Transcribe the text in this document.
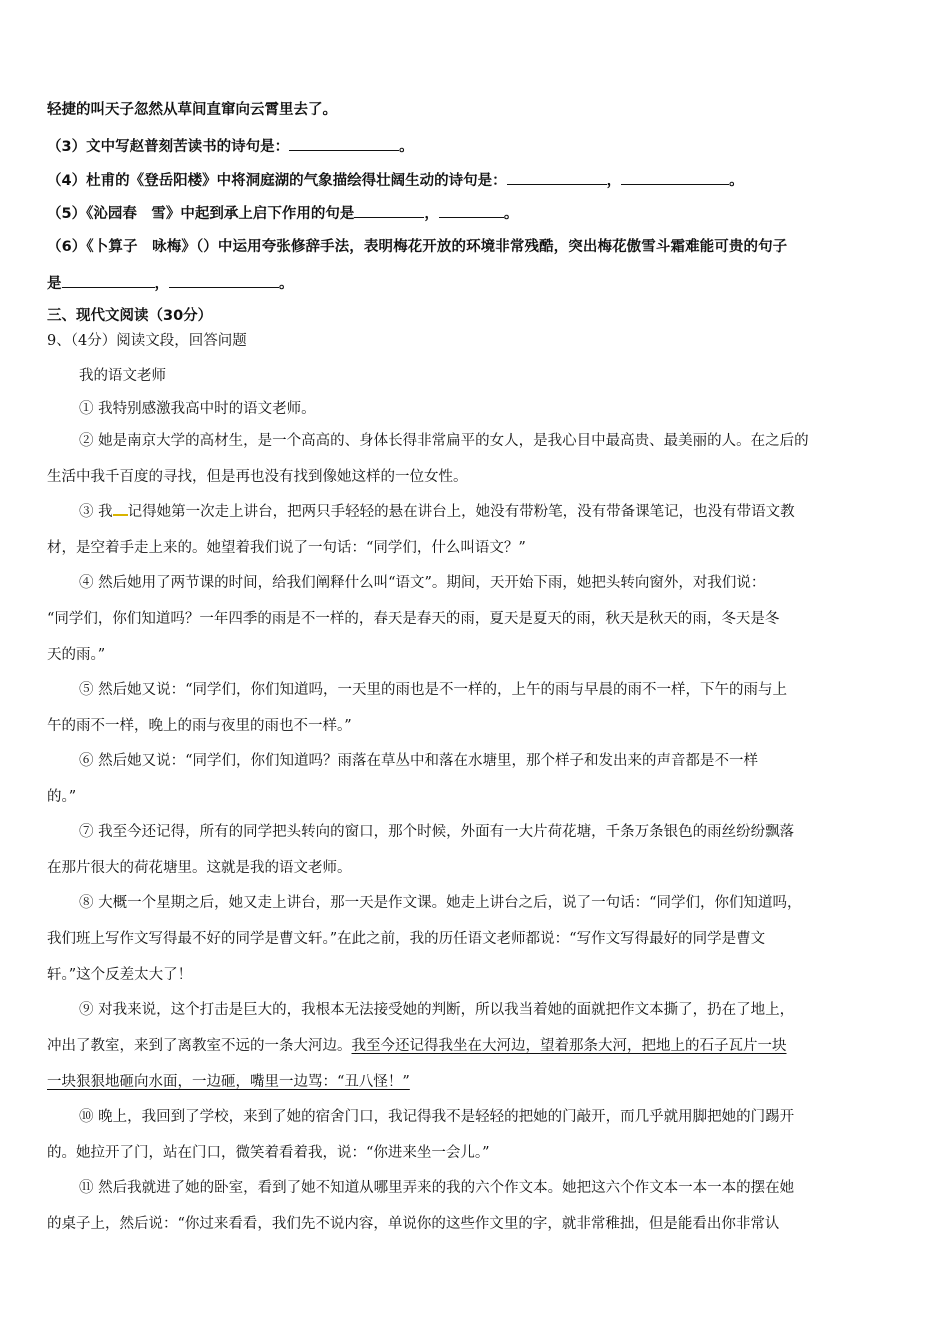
轻捷的叫天子忽然从草间直窜向云霄里去了。
（3）文中写赵普刻苦读书的诗句是：	。
（4）杜甫的《登岳阳楼》中将洞庭湖的气象描绘得壮阔生动的诗句是：	，	。
（5）《沁园春　雪》中起到承上启下作用的句是	，	。
（6）《卜算子　咏梅》（）中运用夸张修辞手法，表明梅花开放的环境非常残酷，突出梅花傲雪斗霜难能可贵的句子
是	，	。
三、现代文阅读（30分）
9、（4分）阅读文段，回答问题
我的语文老师
① 我特别感激我高中时的语文老师。
② 她是南京大学的高材生，是一个高高的、身体长得非常扁平的女人，是我心目中最高贵、最美丽的人。在之后的
生活中我千百度的寻找，但是再也没有找到像她这样的一位女性。
③ 我 记得她第一次走上讲台，把两只手轻轻的悬在讲台上，她没有带粉笔，没有带备课笔记，也没有带语文教
材，是空着手走上来的。她望着我们说了一句话：“同学们，什么叫语文？”
④ 然后她用了两节课的时间，给我们阐释什么叫“语文”。期间，天开始下雨，她把头转向窗外，对我们说：
“同学们，你们知道吗？一年四季的雨是不一样的，春天是春天的雨，夏天是夏天的雨，秋天是秋天的雨，冬天是冬
天的雨。”
⑤ 然后她又说：“同学们，你们知道吗，一天里的雨也是不一样的，上午的雨与早晨的雨不一样，下午的雨与上
午的雨不一样，晚上的雨与夜里的雨也不一样。”
⑥ 然后她又说：“同学们，你们知道吗？雨落在草丛中和落在水塘里，那个样子和发出来的声音都是不一样
的。”
⑦ 我至今还记得，所有的同学把头转向的窗口，那个时候，外面有一大片荷花塘，千条万条银色的雨丝纷纷飘落
在那片很大的荷花塘里。这就是我的语文老师。
⑧ 大概一个星期之后，她又走上讲台，那一天是作文课。她走上讲台之后，说了一句话：“同学们，你们知道吗，
我们班上写作文写得最不好的同学是曹文轩。”在此之前，我的历任语文老师都说：“写作文写得最好的同学是曹文
轩。”这个反差太大了！
⑨ 对我来说，这个打击是巨大的，我根本无法接受她的判断，所以我当着她的面就把作文本撕了，扔在了地上，
冲出了教室，来到了离教室不远的一条大河边。我至今还记得我坐在大河边，望着那条大河，把地上的石子瓦片一块
一块狠狠地砸向水面，一边砸，嘴里一边骂：“丑八怪！”
⑩ 晚上，我回到了学校，来到了她的宿舍门口，我记得我不是轻轻的把她的门敲开，而几乎就用脚把她的门踢开
的。她拉开了门，站在门口，微笑着看着我，说：“你进来坐一会儿。”
⑪ 然后我就进了她的卧室，看到了她不知道从哪里弄来的我的六个作文本。她把这六个作文本一本一本的摆在她
的桌子上，然后说：“你过来看看，我们先不说内容，单说你的这些作文里的字，就非常稚拙，但是能看出你非常认
